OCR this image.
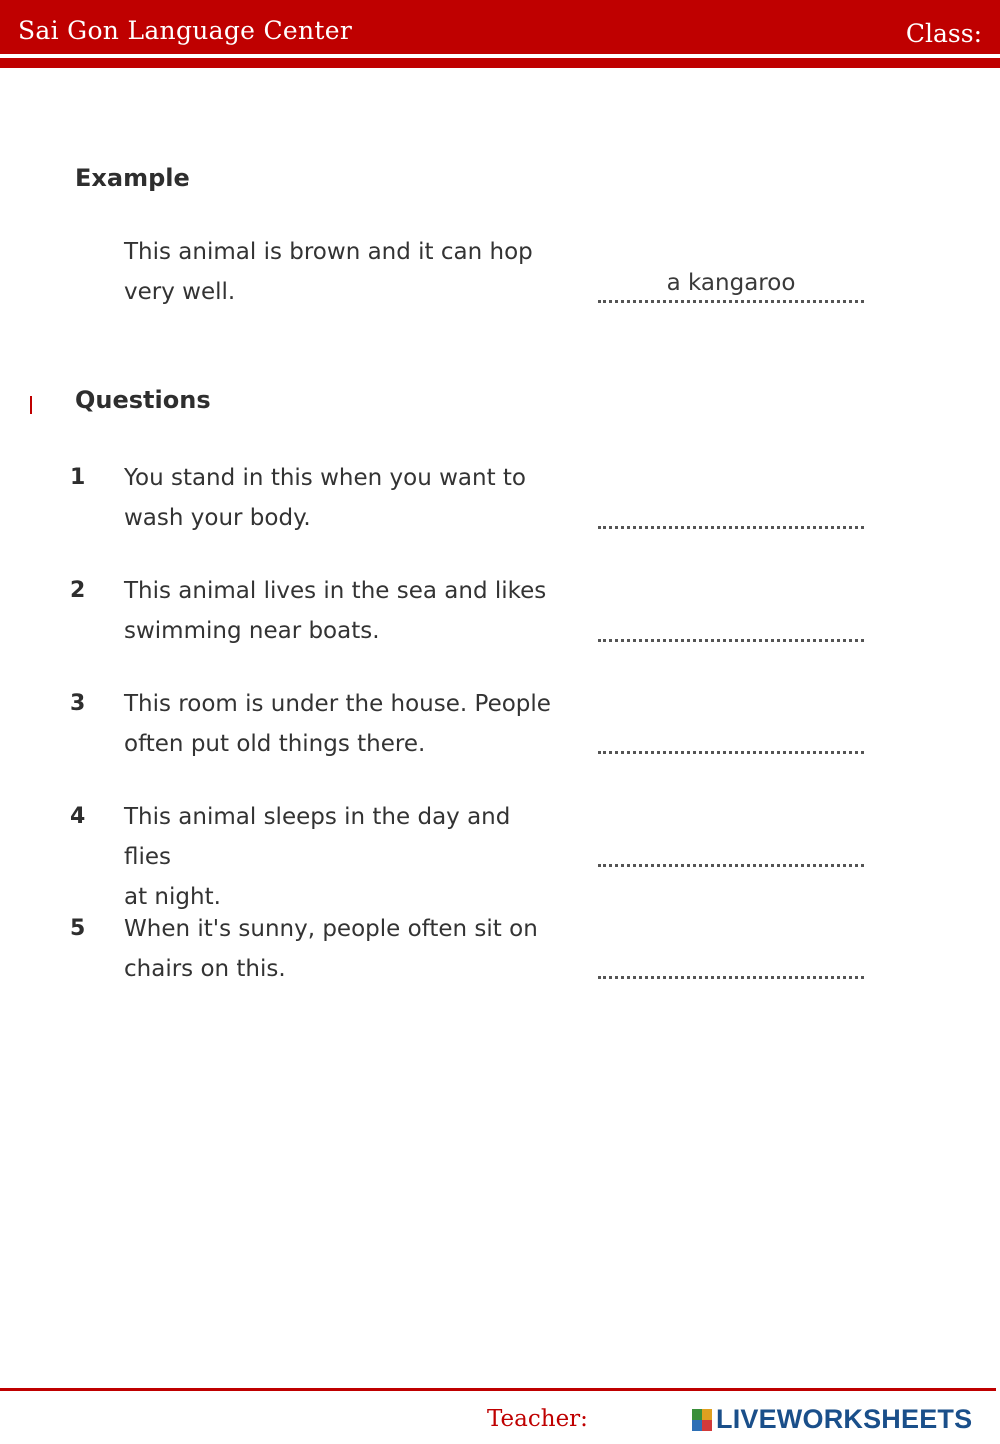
Sai Gon Language Center	Class:
Example
This animal is brown and it can hop
very well.	a kangaroo
Questions
1 You stand in this when you want to
wash your body.
2 This animal lives in the sea and likes
swimming near boats.
3 This room is under the house. People
often put old things there.
4 This animal sleeps in the day and flies
at night.
5 When it's sunny, people often sit on
chairs on this.
Teacher:	LIVEWORKSHEETS
